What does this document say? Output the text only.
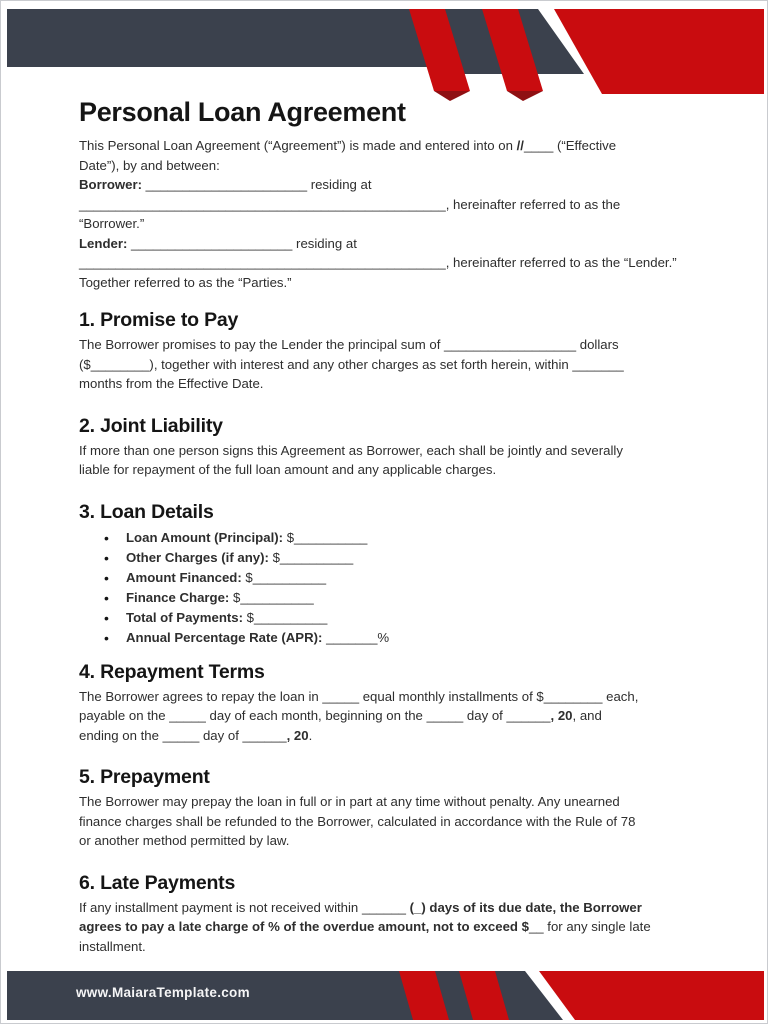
Personal Loan Agreement

This Personal Loan Agreement (“Agreement”) is made and entered into on //____ (“Effective
Date”), by and between:
Borrower: ______________________ residing at
__________________________________________________, hereinafter referred to as the
“Borrower.”
Lender: ______________________ residing at
__________________________________________________, hereinafter referred to as the “Lender.”
Together referred to as the “Parties.”

1. Promise to Pay

The Borrower promises to pay the Lender the principal sum of __________________ dollars
($________), together with interest and any other charges as set forth herein, within _______
months from the Effective Date.

2. Joint Liability

If more than one person signs this Agreement as Borrower, each shall be jointly and severally
liable for repayment of the full loan amount and any applicable charges.

3. Loan Details
• Loan Amount (Principal): $__________
• Other Charges (if any): $__________
• Amount Financed: $__________
• Finance Charge: $__________
• Total of Payments: $__________
• Annual Percentage Rate (APR): _______%
4. Repayment Terms

The Borrower agrees to repay the loan in _____ equal monthly installments of $________ each,
payable on the _____ day of each month, beginning on the _____ day of ______, 20, and
ending on the _____ day of ______, 20.

5. Prepayment

The Borrower may prepay the loan in full or in part at any time without penalty. Any unearned
finance charges shall be refunded to the Borrower, calculated in accordance with the Rule of 78
or another method permitted by law.

6. Late Payments

If any installment payment is not received within ______ (_) days of its due date, the Borrower
agrees to pay a late charge of % of the overdue amount, not to exceed $__ for any single late
installment.

www.MaiaraTemplate.com
